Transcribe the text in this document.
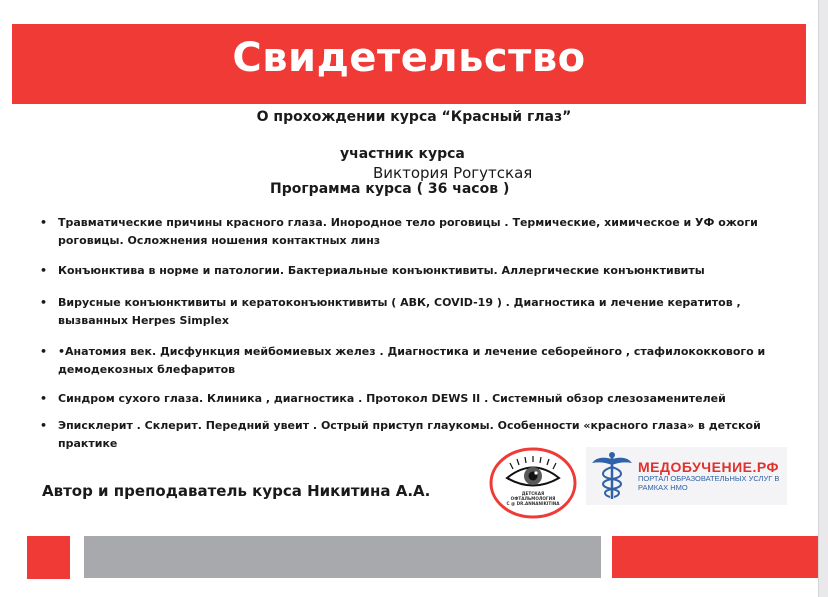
Свидетельство
О прохождении курса “Красный глаз”
участник курса
Виктория Рогутская
Программа курса ( 36 часов )
• Травматические причины красного глаза. Инородное тело роговицы . Термические, химическое и УФ ожоги роговицы. Осложнения ношения контактных линз
• Конъюнктива в норме и патологии. Бактериальные конъюнктивиты. Аллергические конъюнктивиты
• Вирусные конъюнктивиты и кератоконъюнктивиты ( АВК, COVID-19 ) . Диагностика и лечение кератитов , вызванных Herpes Simplex
• •Анатомия век. Дисфункция мейбомиевых желез . Диагностика и лечение себорейного , стафилококкового и демодекозных блефаритов
• Синдром сухого глаза. Клиника , диагностика . Протокол DEWS II . Системный обзор слезозаменителей
• Эписклерит . Склерит. Передний увеит . Острый приступ глаукомы. Особенности «красного глаза» в детской практике
Автор и преподаватель курса Никитина А.А.	ДЕТСКАЯ
ОФТАЛЬМОЛОГИЯ
С @ DR.ANNANIKITINA
МЕДОБУЧЕНИЕ.РФ
ПОРТАЛ ОБРАЗОВАТЕЛЬНЫХ УСЛУГ В РАМКАХ НМО
